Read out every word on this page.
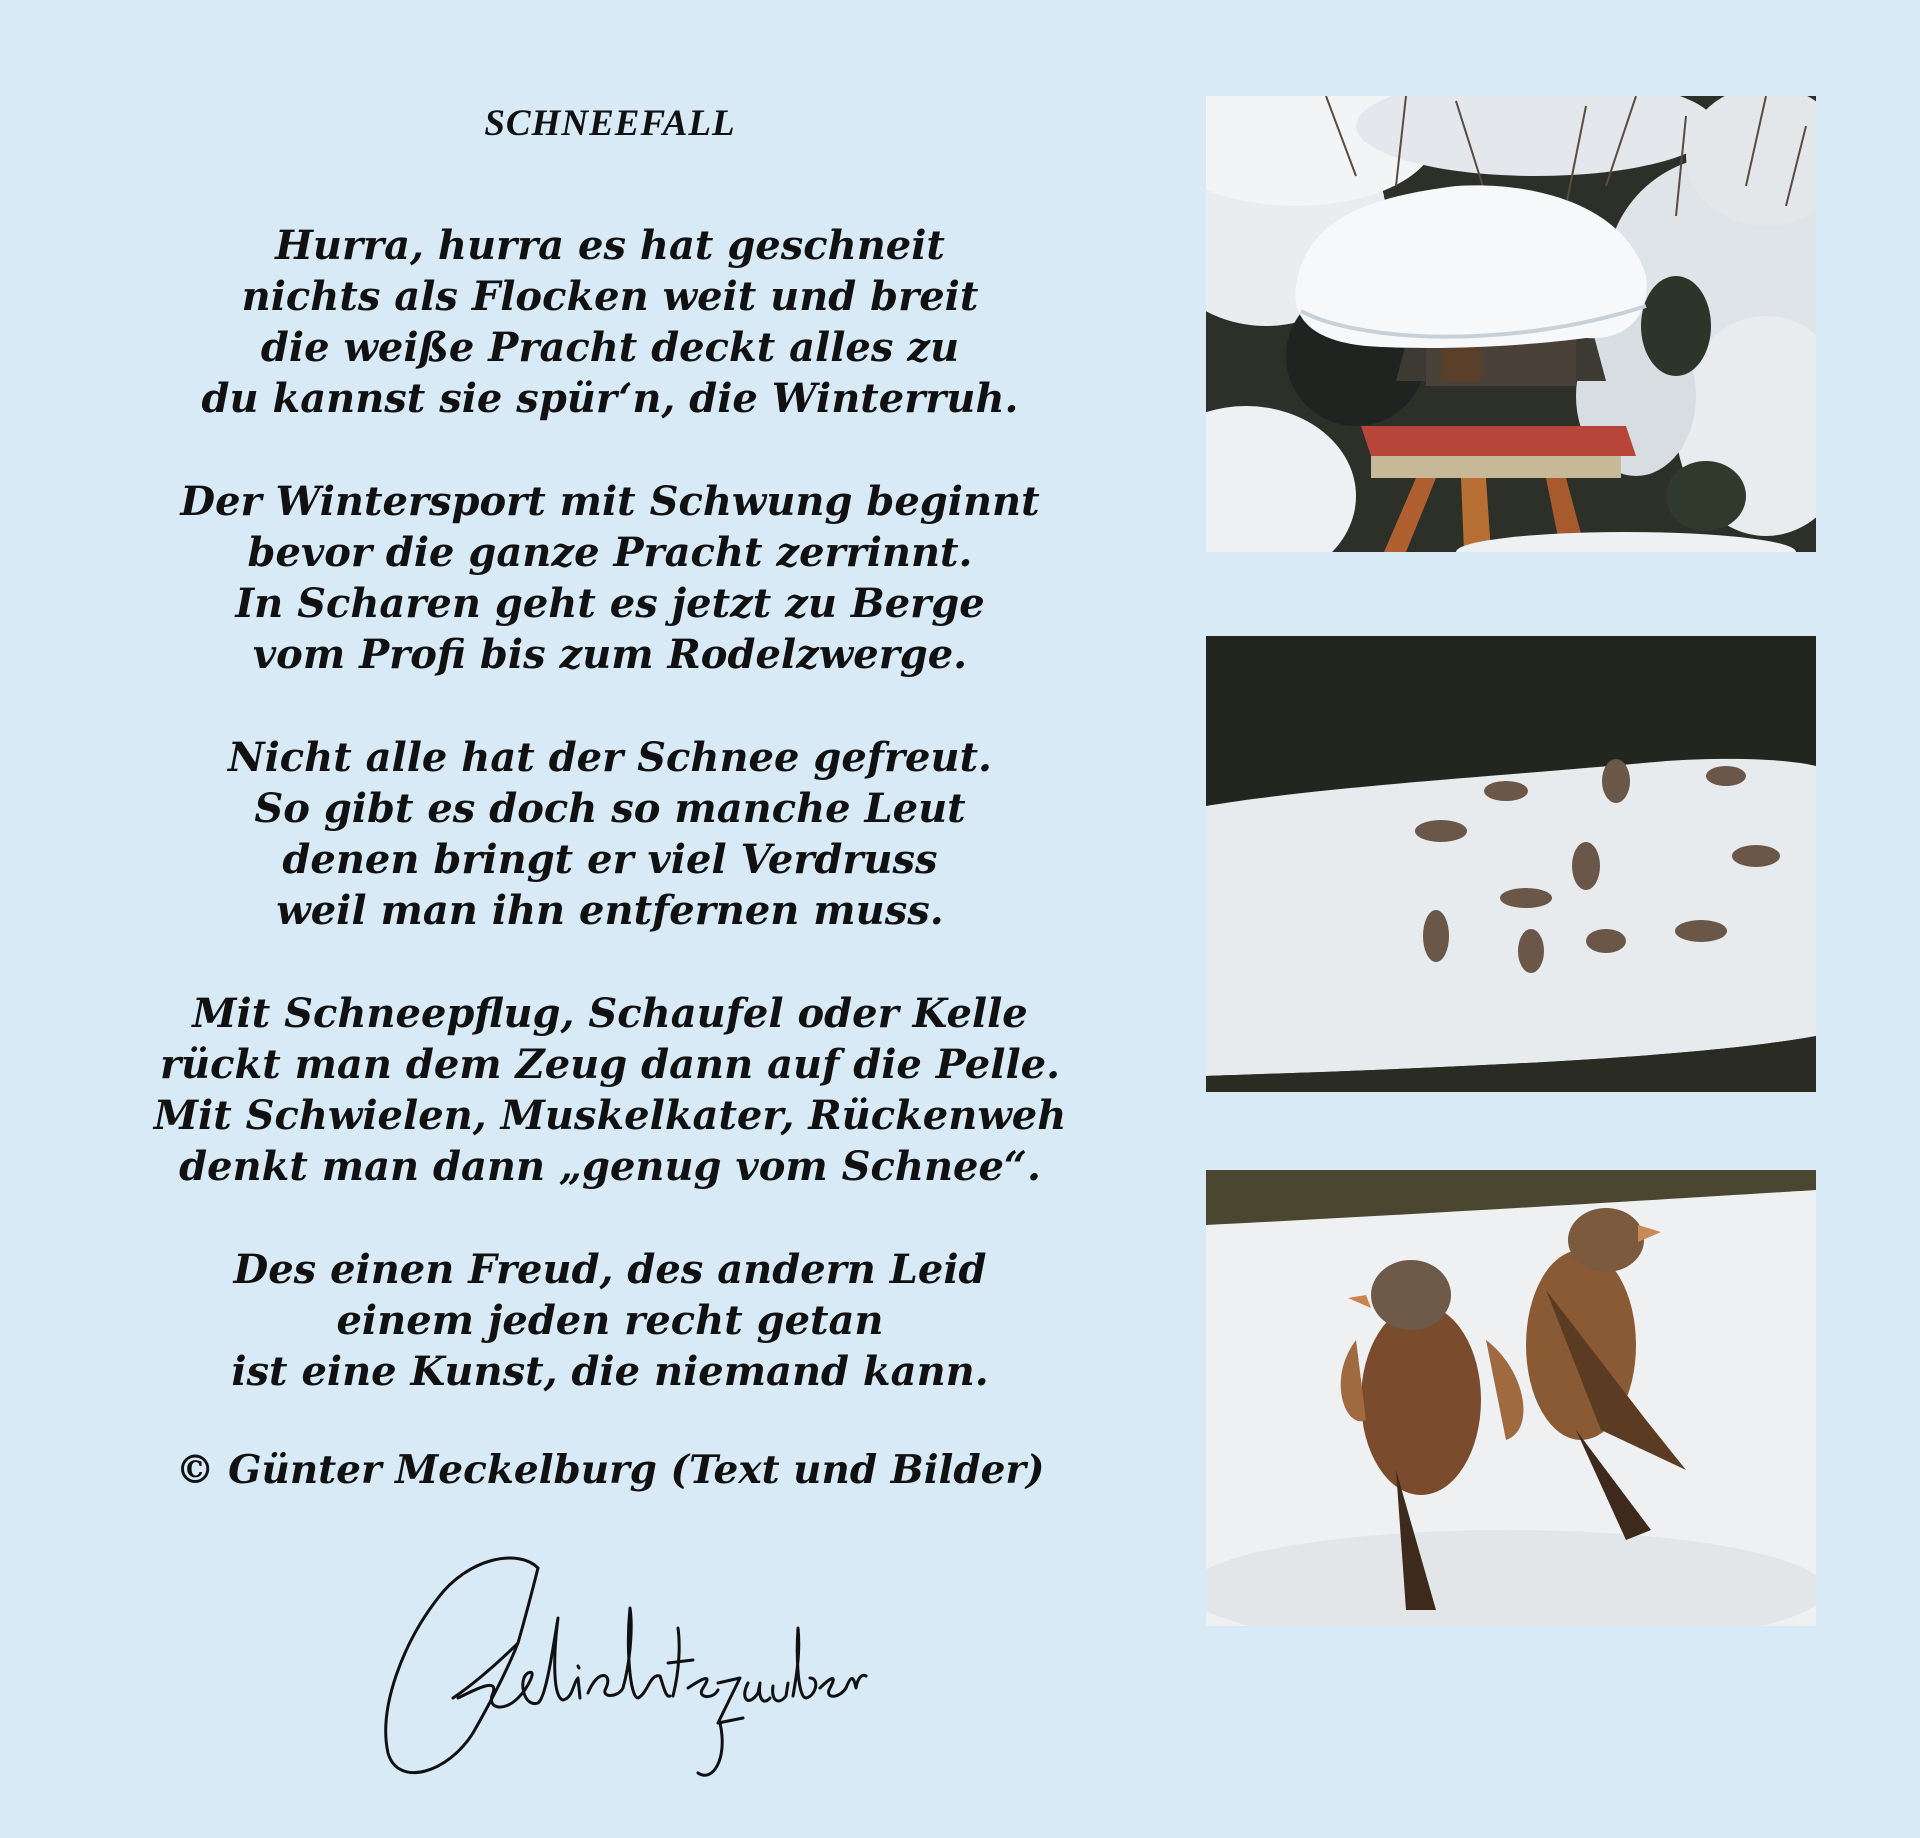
SCHNEEFALL
Hurra, hurra es hat geschneit
nichts als Flocken weit und breit
die weiße Pracht deckt alles zu
du kannst sie spür‘n, die Winterruh.
Der Wintersport mit Schwung beginnt
bevor die ganze Pracht zerrinnt.
In Scharen geht es jetzt zu Berge
vom Profi bis zum Rodelzwerge.
Nicht alle hat der Schnee gefreut.
So gibt es doch so manche Leut
denen bringt er viel Verdruss
weil man ihn entfernen muss.
Mit Schneepflug, Schaufel oder Kelle
rückt man dem Zeug dann auf die Pelle.
Mit Schwielen, Muskelkater, Rückenweh
denkt man dann „genug vom Schnee“.
Des einen Freud, des andern Leid
einem jeden recht getan
ist eine Kunst, die niemand kann.
© Günter Meckelburg (Text und Bilder)
